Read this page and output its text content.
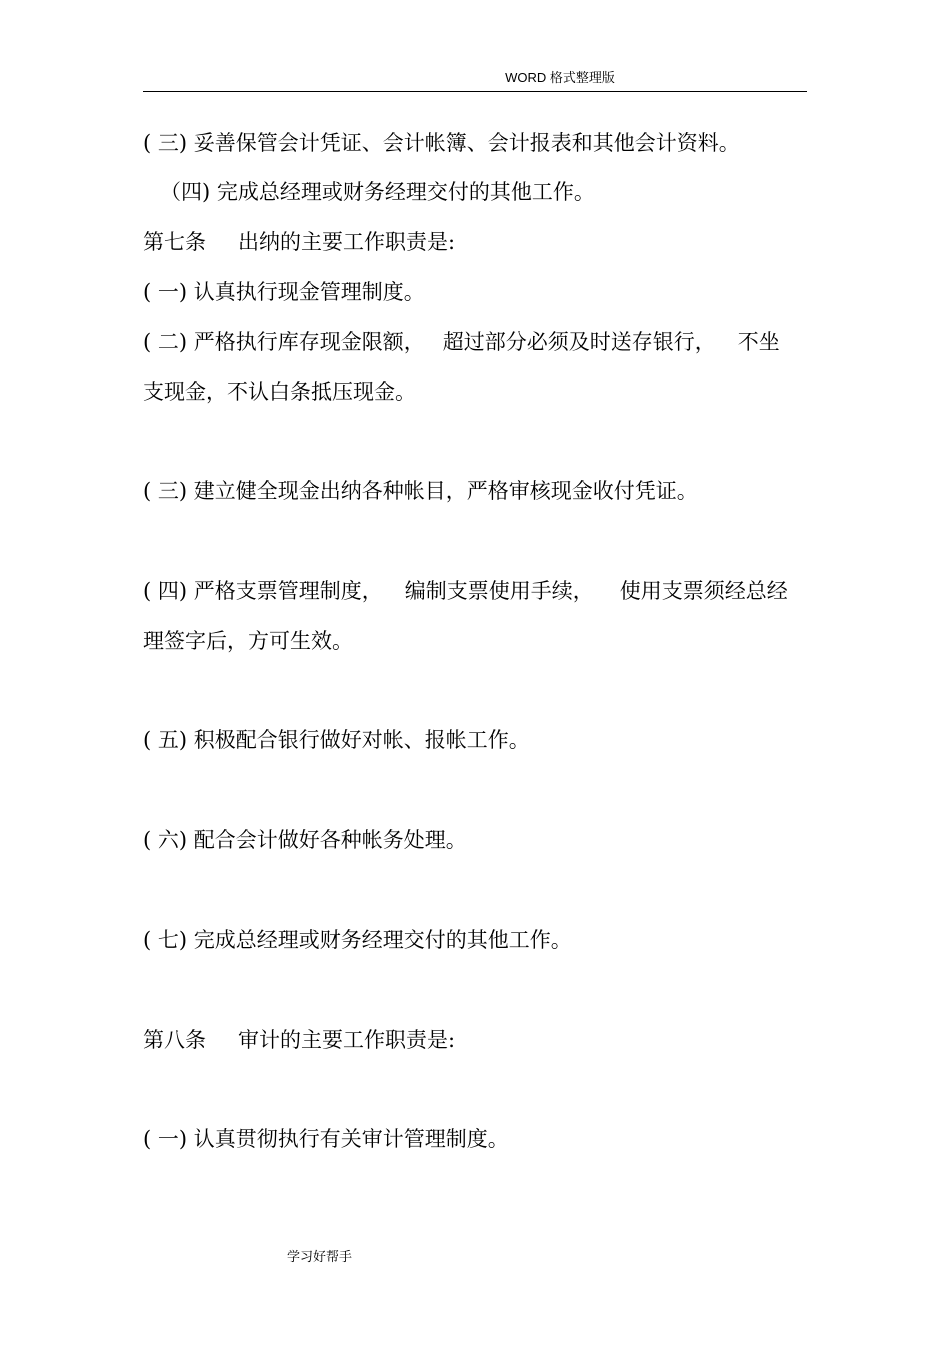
WORD 格式整理版
( 三) 妥善保管会计凭证、会计帐簿、会计报表和其他会计资料。
（四) 完成总经理或财务经理交付的其他工作。
第七条 出纳的主要工作职责是:
( 一) 认真执行现金管理制度。
( 二) 严格执行库存现金限额， 超过部分必须及时送存银行， 不坐
支现金，不认白条抵压现金。
( 三) 建立健全现金出纳各种帐目，严格审核现金收付凭证。
( 四) 严格支票管理制度， 编制支票使用手续， 使用支票须经总经
理签字后，方可生效。
( 五) 积极配合银行做好对帐、报帐工作。
( 六) 配合会计做好各种帐务处理。
( 七) 完成总经理或财务经理交付的其他工作。
第八条 审计的主要工作职责是:
( 一) 认真贯彻执行有关审计管理制度。
学习好帮手
